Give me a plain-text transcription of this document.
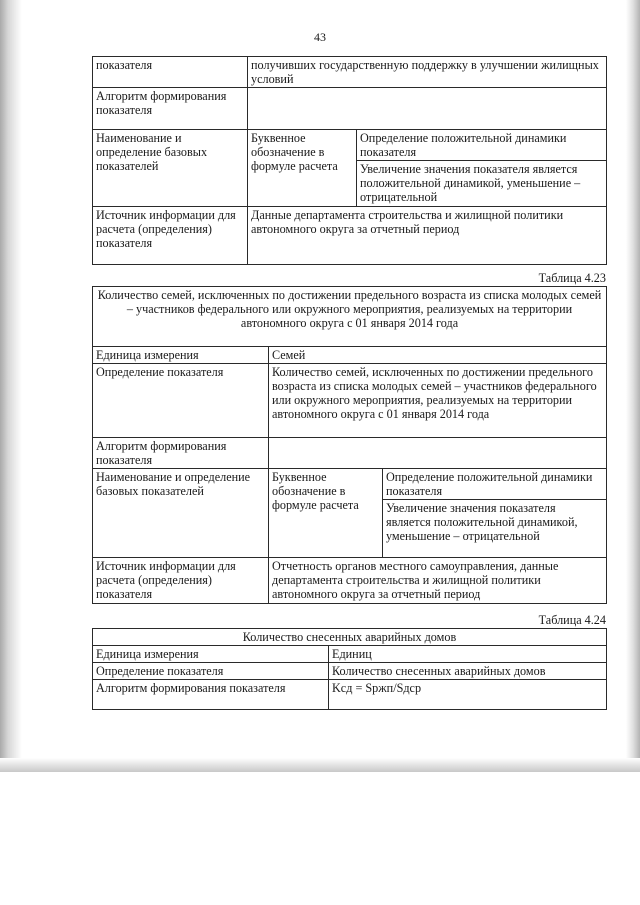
43
показателя	получивших государственную поддержку в улучшении жилищных условий	
Алгоритм формирования показателя		
Наименование и определение базовых показателей	Буквенное обозначение в формуле расчета	Определение положительной динамики показателя
		Увеличение значения показателя является положительной динамикой, уменьшение – отрицательной
Источник информации для расчета (определения) показателя	Данные департамента строительства и жилищной политики автономного округа за отчетный период	
Таблица 4.23
Количество семей, исключенных по достижении предельного возраста из списка молодых семей – участников федерального или окружного мероприятия, реализуемых на территории автономного округа с 01 января 2014 года		
Единица измерения	Семей	
Определение показателя	Количество семей, исключенных по достижении предельного возраста из списка молодых семей – участников федерального или окружного мероприятия, реализуемых на территории автономного округа с 01 января 2014 года	
Алгоритм формирования показателя		
Наименование и определение базовых показателей	Буквенное обозначение в формуле расчета	Определение положительной динамики показателя
		Увеличение значения показателя является положительной динамикой, уменьшение – отрицательной
Источник информации для расчета (определения) показателя	Отчетность органов местного самоуправления, данные департамента строительства и жилищной политики автономного округа за отчетный период	
Таблица 4.24
Количество снесенных аварийных домов	
Единица измерения	Единиц
Определение показателя	Количество снесенных аварийных домов
Алгоритм формирования показателя	Kсд = Sржп/Sдср
